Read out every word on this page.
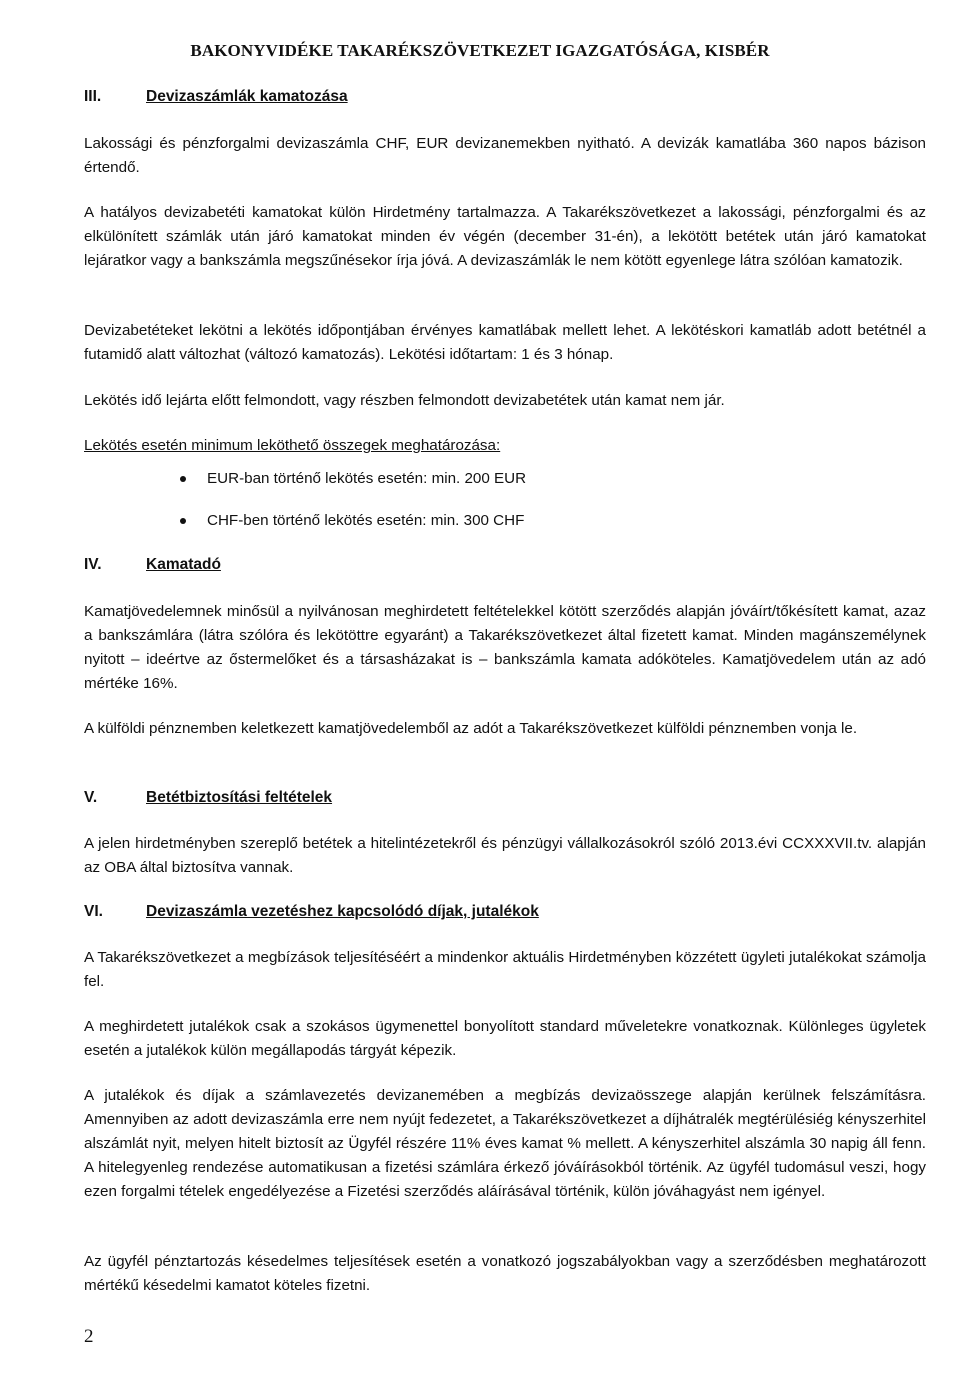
BAKONYVIDÉKE TAKARÉKSZÖVETKEZET IGAZGATÓSÁGA, KISBÉR
III.	Devizaszámlák kamatozása

Lakossági és pénzforgalmi devizaszámla CHF, EUR devizanemekben nyitható. A devizák kamatlába 360 napos bázison értendő.

A hatályos devizabetéti kamatokat külön Hirdetmény tartalmazza. A Takarékszövetkezet a lakossági, pénzforgalmi és az elkülönített számlák után járó kamatokat minden év végén (december 31-én), a lekötött betétek után járó kamatokat lejáratkor vagy a bankszámla megszűnésekor írja jóvá. A devizaszámlák le nem kötött egyenlege látra szólóan kamatozik.

Devizabetéteket lekötni a lekötés időpontjában érvényes kamatlábak mellett lehet. A lekötéskori kamatláb adott betétnél a futamidő alatt változhat (változó kamatozás). Lekötési időtartam: 1 és 3 hónap.

Lekötés idő lejárta előtt felmondott, vagy részben felmondott devizabetétek után kamat nem jár.

Lekötés esetén minimum leköthető összegek meghatározása:

EUR-ban történő lekötés esetén: min. 200 EUR
CHF-ben történő lekötés esetén: min. 300 CHF
IV.	Kamatadó

Kamatjövedelemnek minősül a nyilvánosan meghirdetett feltételekkel kötött szerződés alapján jóváírt/tőkésített kamat, azaz a bankszámlára (látra szólóra és lekötöttre egyaránt) a Takarékszövetkezet által fizetett kamat. Minden magánszemélynek nyitott – ideértve az őstermelőket és a társasházakat is – bankszámla kamata adóköteles. Kamatjövedelem után az adó mértéke 16%.

A külföldi pénznemben keletkezett kamatjövedelemből az adót a Takarékszövetkezet külföldi pénznemben vonja le.

V.	Betétbiztosítási feltételek

A jelen hirdetményben szereplő betétek a hitelintézetekről és pénzügyi vállalkozásokról szóló 2013.évi CCXXXVII.tv. alapján az OBA által biztosítva vannak.

VI.	Devizaszámla vezetéshez kapcsolódó díjak, jutalékok

A Takarékszövetkezet a megbízások teljesítéséért a mindenkor aktuális Hirdetményben közzétett ügyleti jutalékokat számolja fel.

A meghirdetett jutalékok csak a szokásos ügymenettel bonyolított standard műveletekre vonatkoznak. Különleges ügyletek esetén a jutalékok külön megállapodás tárgyát képezik.

A jutalékok és díjak a számlavezetés devizanemében a megbízás devizaösszege alapján kerülnek felszámításra. Amennyiben az adott devizaszámla erre nem nyújt fedezetet, a Takarékszövetkezet a díjhátralék megtérülésiég kényszerhitel alszámlát nyit, melyen hitelt biztosít az Ügyfél részére 11% éves kamat % mellett. A kényszerhitel alszámla 30 napig áll fenn. A hitelegyenleg rendezése automatikusan a fizetési számlára érkező jóváírásokból történik. Az ügyfél tudomásul veszi, hogy ezen forgalmi tételek engedélyezése a Fizetési szerződés aláírásával történik, külön jóváhagyást nem igényel.

Az ügyfél pénztartozás késedelmes teljesítések esetén a vonatkozó jogszabályokban vagy a szerződésben meghatározott mértékű késedelmi kamatot köteles fizetni.

2
